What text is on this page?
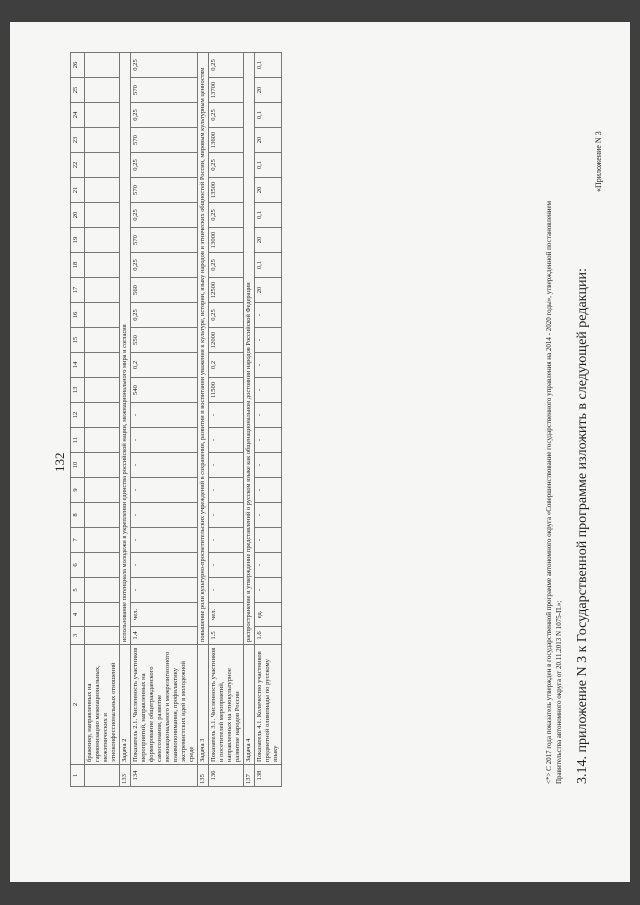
132
1	2	3	4	5	6	7	8	9	10	11	12	13	14	15	16	17	18	19	20	21	22	23	24	25	26
	бражнику, направленных на гармонизацию межнациональных, межэтнических и этноконфессиональных отношений																								
133	Задача 2	использование потенциала молодежи в укреплении единства российской нации, межнационального мира и согласия																							
134	Показатель 2.1. Численность участников мероприятий, направленных на формирование общегражданского самосознания, развитие межнационального и межрелигиозного взаимопонимания, профилактику экстремистских идей в молодежной среде	1.4	чел.	-	-	-	-	-	-	-	-	540	0,2	550	0,25	560	0,25	570	0,25	570	0,25	570	0,25	570	0,25
135	Задача 3	повышение роли культурно-просветительских учреждений в сохранении, развитии и воспитании уважения к культуре, истории, языку народов и этнических общностей России, мировым культурным ценностям																							
136	Показатель 3.1. Численность участников и посетителей мероприятий, направленных на этнокультурное развитие народов России	1.5	чел.	-	-	-	-	-	-	-	-	11500	0,2	12000	0,25	12500	0,25	13000	0,25	13500	0,25	13600	0,25	13700	0,25
137	Задача 4	распространение и утверждение представлений о русском языке как общенациональном достоянии народов Российской Федерации																							
138	Показатель 4.1. Количество участников предметной олимпиады по русскому языку	1.6	ед.	-	-	-	-	-	-	-	-	-	-	-	-	20	0,1	20	0,1	20	0,1	20	0,1	20	0,1
<*> С 2017 года показатель утвержден в государственной программе автономного округа «Совершенствование государственного управления на 2014 - 2020 годы», утвержденной постановлением Правительства автономного округа от 20.11.2013 N 1075-П.»; 3.14. приложение N 3 к Государственной программе изложить в следующей редакции:
«Приложение N 3
